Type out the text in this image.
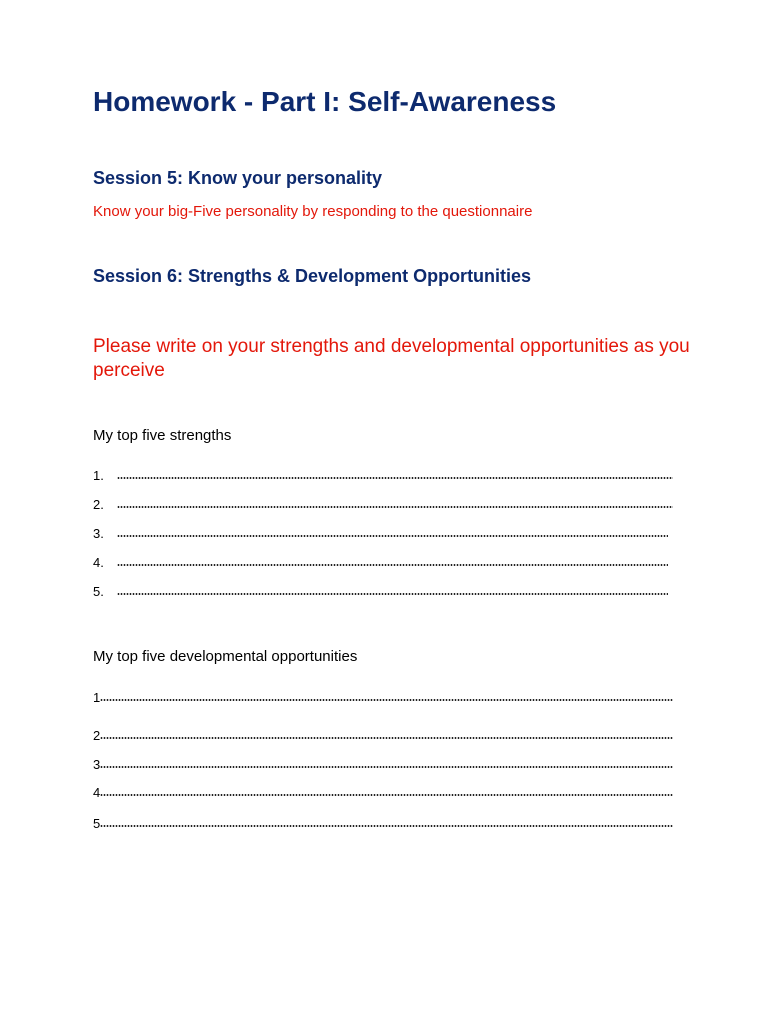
Homework - Part I: Self-Awareness
Session 5: Know your personality
Know your big-Five personality by responding to the questionnaire
Session 6: Strengths & Development Opportunities
Please write on your strengths and developmental opportunities as you perceive
My top five strengths
1.
2.
3.
4.
5.
My top five developmental opportunities
1
2
3
4
5
